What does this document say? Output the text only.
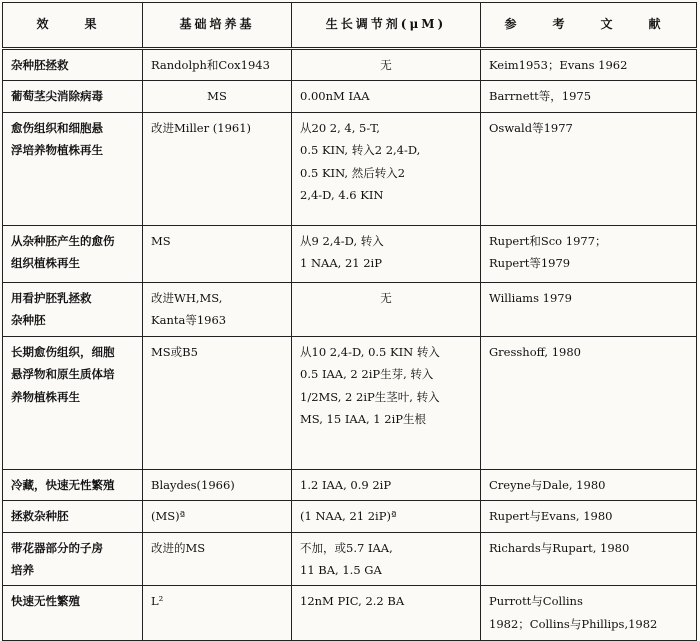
效　果	基础培养基	生长调节剂(μM)	参　考　文　献

杂种胚拯救	Randolph和Cox1943	无	Keim1953；Evans 1962

葡萄茎尖消除病毒	MS	0.00nM IAA	Barrnett等，1975

愈伤组织和细胞悬
浮培养物植株再生	改进Miller (1961)	从20 2, 4, 5-T,
0.5 KIN, 转入2 2,4-D,
0.5 KIN, 然后转入2
2,4-D, 4.6 KIN	Oswald等1977

从杂种胚产生的愈伤
组织植株再生	MS	从9 2,4-D, 转入
1 NAA, 21 2iP	Rupert和Sco 1977；
Rupert等1979

用看护胚乳拯救
杂种胚	改进WH,MS,
Kanta等1963	无	Williams 1979

长期愈伤组织，细胞
悬浮物和原生质体培
养物植株再生	MS或B5	从10 2,4-D, 0.5 KIN 转入
0.5 IAA, 2 2iP生芽, 转入
1/2MS, 2 2iP生茎叶, 转入
MS, 15 IAA, 1 2iP生根	Gresshoff, 1980

冷藏，快速无性繁殖	Blaydes(1966)	1.2 IAA, 0.9 2iP	Creyne与Dale, 1980

拯救杂种胚	(MS)ª	(1 NAA, 21 2iP)ª	Rupert与Evans, 1980

带花器部分的子房
培养	改进的MS	不加，或5.7 IAA,
11 BA, 1.5 GA	Richards与Rupart, 1980

快速无性繁殖	L²	12nM PIC, 2.2 BA	Purrott与Collins
1982；Collins与Phillips,1982
